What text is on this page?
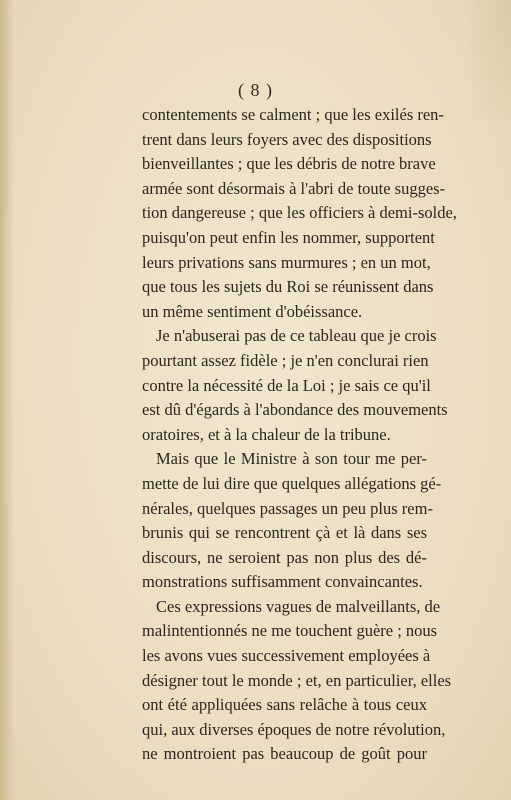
( 8 )
contentements se calment ; que les exilés ren-
trent dans leurs foyers avec des dispositions
bienveillantes ; que les débris de notre brave
armée sont désormais à l'abri de toute sugges-
tion dangereuse ; que les officiers à demi-solde,
puisqu'on peut enfin les nommer, supportent
leurs privations sans murmures ; en un mot,
que tous les sujets du Roi se réunissent dans
un même sentiment d'obéissance.
Je n'abuserai pas de ce tableau que je crois
pourtant assez fidèle ; je n'en conclurai rien
contre la nécessité de la Loi ; je sais ce qu'il
est dû d'égards à l'abondance des mouvements
oratoires, et à la chaleur de la tribune.
Mais que le Ministre à son tour me per-
mette de lui dire que quelques allégations gé-
nérales, quelques passages un peu plus rem-
brunis qui se rencontrent çà et là dans ses
discours, ne seroient pas non plus des dé-
monstrations suffisamment convaincantes.
Ces expressions vagues de malveillants, de
malintentionnés ne me touchent guère ; nous
les avons vues successivement employées à
désigner tout le monde ; et, en particulier, elles
ont été appliquées sans relâche à tous ceux
qui, aux diverses époques de notre révolution,
ne montroient pas beaucoup de goût pour
